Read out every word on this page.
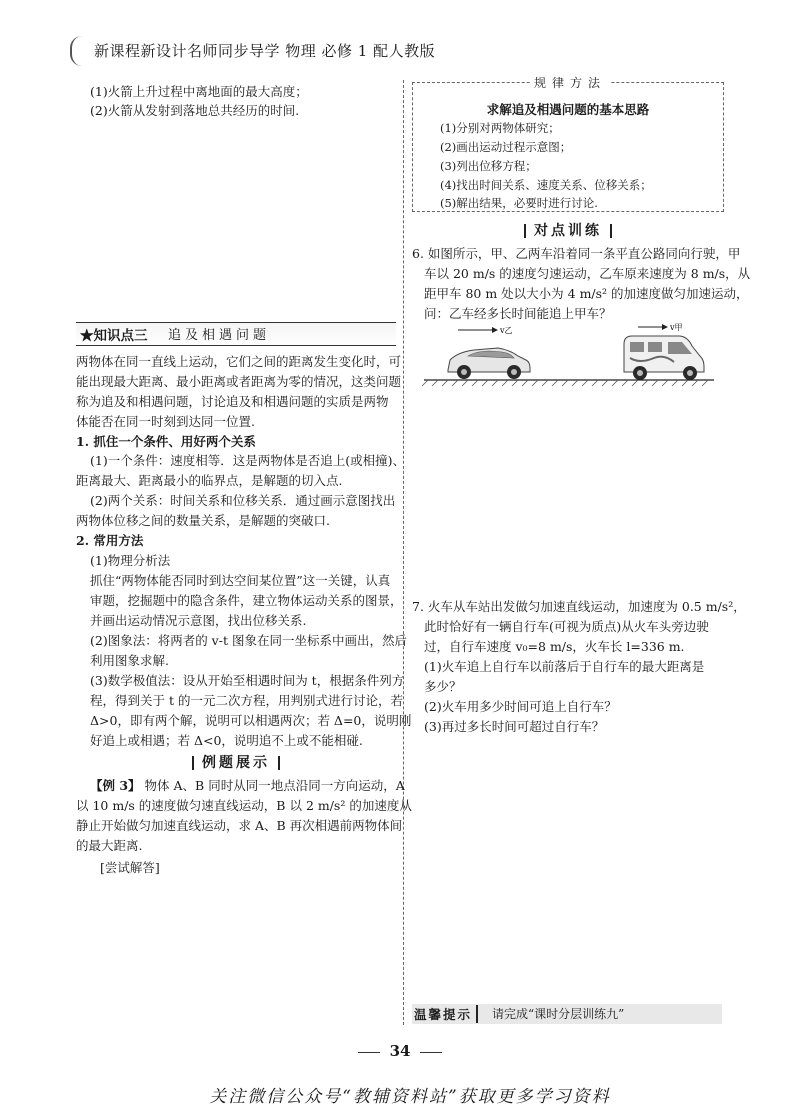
新课程新设计名师同步导学 物理 必修 1 配人教版
(1)火箭上升过程中离地面的最大高度；
(2)火箭从发射到落地总共经历的时间.
★知识点三 追及相遇问题
两物体在同一直线上运动，它们之间的距离发生变化时，可
能出现最大距离、最小距离或者距离为零的情况，这类问题
称为追及和相遇问题，讨论追及和相遇问题的实质是两物
体能否在同一时刻到达同一位置.
1. 抓住一个条件、用好两个关系
(1)一个条件：速度相等．这是两物体是否追上(或相撞)、
距离最大、距离最小的临界点，是解题的切入点.
(2)两个关系：时间关系和位移关系．通过画示意图找出
两物体位移之间的数量关系，是解题的突破口.
2. 常用方法
(1)物理分析法
抓住“两物体能否同时到达空间某位置”这一关键，认真
审题，挖掘题中的隐含条件，建立物体运动关系的图景，
并画出运动情况示意图，找出位移关系.
(2)图象法：将两者的 v-t 图象在同一坐标系中画出，然后
利用图象求解.
(3)数学极值法：设从开始至相遇时间为 t，根据条件列方
程，得到关于 t 的一元二次方程，用判别式进行讨论，若
Δ>0，即有两个解，说明可以相遇两次；若 Δ=0，说明刚
好追上或相遇；若 Δ<0，说明追不上或不能相碰.
例题展示
【例 3】 物体 A、B 同时从同一地点沿同一方向运动，A
以 10 m/s 的速度做匀速直线运动，B 以 2 m/s² 的加速度从
静止开始做匀加速直线运动，求 A、B 再次相遇前两物体间
的最大距离.
[尝试解答]
规律方法
求解追及相遇问题的基本思路
(1)分别对两物体研究；
(2)画出运动过程示意图；
(3)列出位移方程；
(4)找出时间关系、速度关系、位移关系；
(5)解出结果，必要时进行讨论.
对点训练
6. 如图所示，甲、乙两车沿着同一条平直公路同向行驶，甲
车以 20 m/s 的速度匀速运动，乙车原来速度为 8 m/s，从
距甲车 80 m 处以大小为 4 m/s² 的加速度做匀加速运动，
问：乙车经多长时间能追上甲车？
v乙	v甲
7. 火车从车站出发做匀加速直线运动，加速度为 0.5 m/s²，
此时恰好有一辆自行车(可视为质点)从火车头旁边驶
过，自行车速度 v₀=8 m/s，火车长 l=336 m.
(1)火车追上自行车以前落后于自行车的最大距离是
多少？
(2)火车用多少时间可追上自行车？
(3)再过多长时间可超过自行车？
温馨提示	请完成“课时分层训练九”
34
关注微信公众号“教辅资料站”获取更多学习资料
